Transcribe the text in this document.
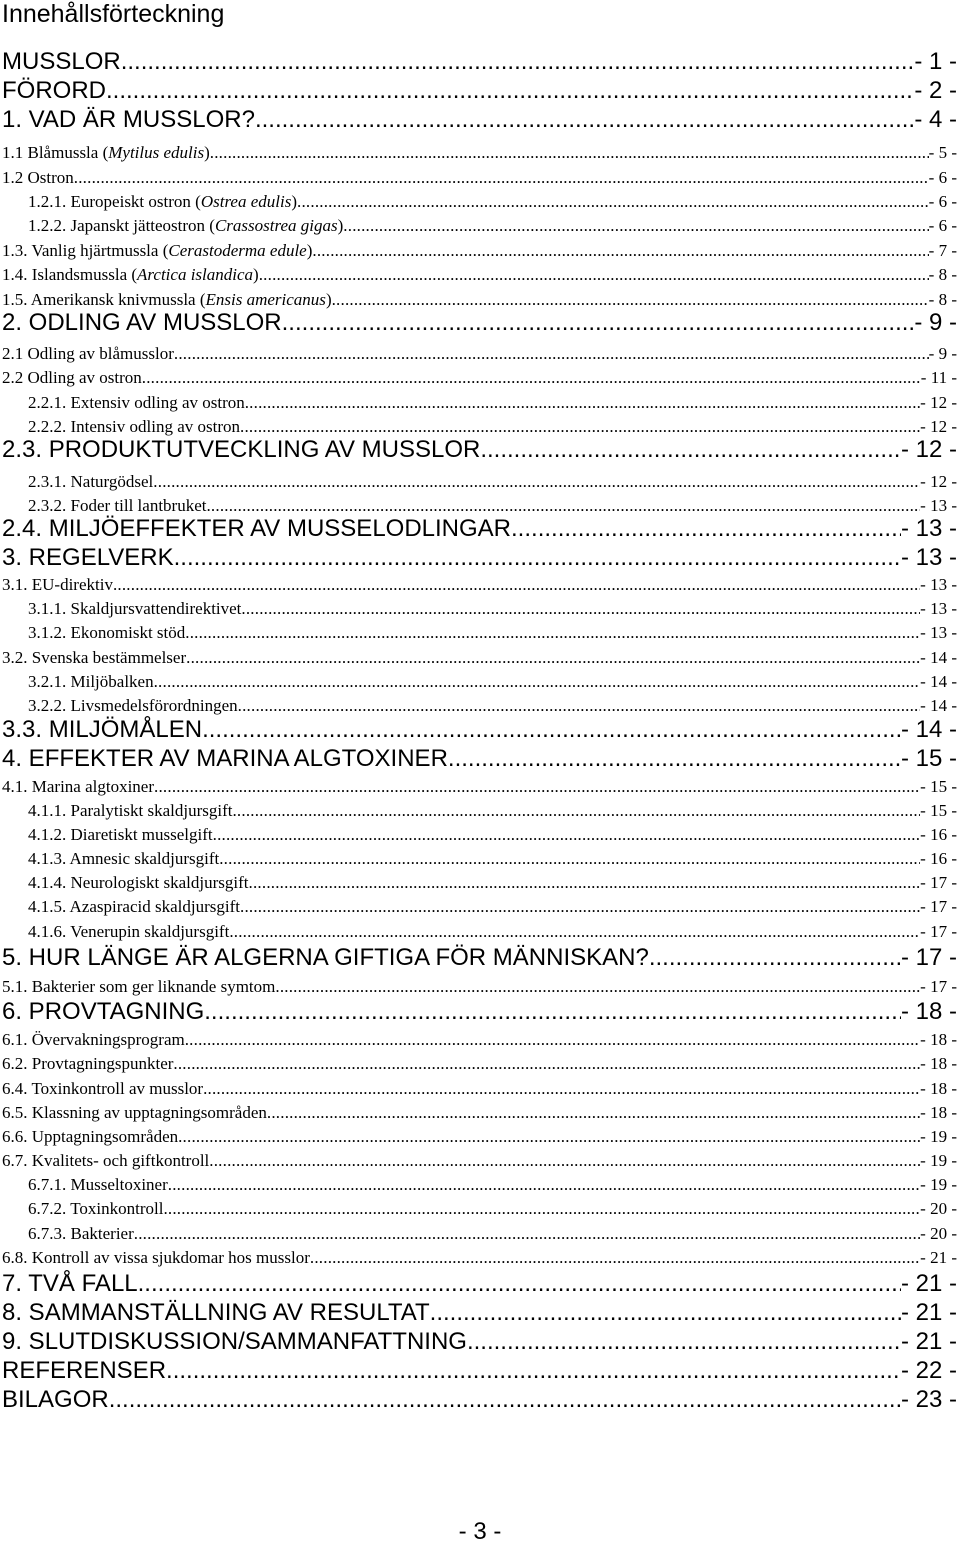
Innehållsförteckning
MUSSLOR .....	- 1 -
FÖRORD .....	- 2 -
1. VAD ÄR MUSSLOR? .....	- 4 -
1.1 Blåmussla (Mytilus edulis) .....	- 5 -
1.2 Ostron .....	- 6 -
1.2.1. Europeiskt ostron (Ostrea edulis) .....	- 6 -
1.2.2. Japanskt jätteostron (Crassostrea gigas) .....	- 6 -
1.3. Vanlig hjärtmussla (Cerastoderma edule) .....	- 7 -
1.4. Islandsmussla (Arctica islandica) .....	- 8 -
1.5. Amerikansk knivmussla (Ensis americanus) .....	- 8 -
2. ODLING AV MUSSLOR .....	- 9 -
2.1 Odling av blåmusslor .....	- 9 -
2.2 Odling av ostron .....	- 11 -
2.2.1. Extensiv odling av ostron .....	- 12 -
2.2.2. Intensiv odling av ostron .....	- 12 -
2.3. PRODUKTUTVECKLING AV MUSSLOR .....	- 12 -
2.3.1. Naturgödsel .....	- 12 -
2.3.2. Foder till lantbruket .....	- 13 -
2.4. MILJÖEFFEKTER AV MUSSELODLINGAR .....	- 13 -
3. REGELVERK .....	- 13 -
3.1. EU-direktiv .....	- 13 -
3.1.1. Skaldjursvattendirektivet .....	- 13 -
3.1.2. Ekonomiskt stöd .....	- 13 -
3.2. Svenska bestämmelser .....	- 14 -
3.2.1. Miljöbalken .....	- 14 -
3.2.2. Livsmedelsförordningen .....	- 14 -
3.3. MILJÖMÅLEN .....	- 14 -
4. EFFEKTER AV MARINA ALGTOXINER .....	- 15 -
4.1. Marina algtoxiner .....	- 15 -
4.1.1. Paralytiskt skaldjursgift .....	- 15 -
4.1.2. Diaretiskt musselgift .....	- 16 -
4.1.3. Amnesic skaldjursgift .....	- 16 -
4.1.4. Neurologiskt skaldjursgift .....	- 17 -
4.1.5. Azaspiracid skaldjursgift .....	- 17 -
4.1.6. Venerupin skaldjursgift .....	- 17 -
5. HUR LÄNGE ÄR ALGERNA GIFTIGA FÖR MÄNNISKAN? .....	- 17 -
5.1. Bakterier som ger liknande symtom .....	- 17 -
6. PROVTAGNING .....	- 18 -
6.1. Övervakningsprogram .....	- 18 -
6.2. Provtagningspunkter .....	- 18 -
6.4. Toxinkontroll av musslor .....	- 18 -
6.5. Klassning av upptagningsområden .....	- 18 -
6.6. Upptagningsområden .....	- 19 -
6.7. Kvalitets- och giftkontroll .....	- 19 -
6.7.1. Musseltoxiner .....	- 19 -
6.7.2. Toxinkontroll .....	- 20 -
6.7.3. Bakterier .....	- 20 -
6.8. Kontroll av vissa sjukdomar hos musslor .....	- 21 -
7. TVÅ FALL .....	- 21 -
8. SAMMANSTÄLLNING AV RESULTAT .....	- 21 -
9. SLUTDISKUSSION/SAMMANFATTNING .....	- 21 -
REFERENSER .....	- 22 -
BILAGOR .....	- 23 -
- 3 -
